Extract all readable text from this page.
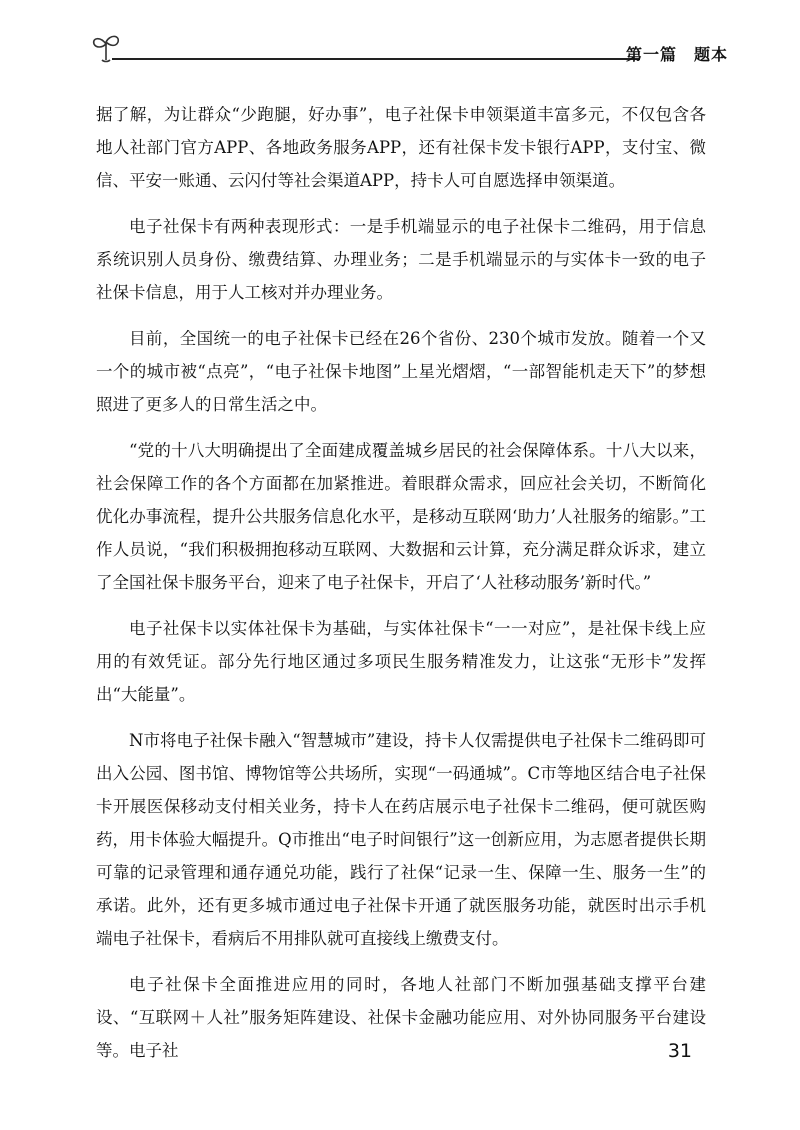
第一篇　题本

据了解，为让群众“少跑腿，好办事”，电子社保卡申领渠道丰富多元，不仅包含各地人社部门官方APP、各地政务服务APP，还有社保卡发卡银行APP，支付宝、微信、平安一账通、云闪付等社会渠道APP，持卡人可自愿选择申领渠道。

电子社保卡有两种表现形式：一是手机端显示的电子社保卡二维码，用于信息系统识别人员身份、缴费结算、办理业务；二是手机端显示的与实体卡一致的电子社保卡信息，用于人工核对并办理业务。

目前，全国统一的电子社保卡已经在26个省份、230个城市发放。随着一个又一个的城市被“点亮”，“电子社保卡地图”上星光熠熠，“一部智能机走天下”的梦想照进了更多人的日常生活之中。

“党的十八大明确提出了全面建成覆盖城乡居民的社会保障体系。十八大以来，社会保障工作的各个方面都在加紧推进。着眼群众需求，回应社会关切，不断简化优化办事流程，提升公共服务信息化水平，是移动互联网‘助力’人社服务的缩影。”工作人员说，“我们积极拥抱移动互联网、大数据和云计算，充分满足群众诉求，建立了全国社保卡服务平台，迎来了电子社保卡，开启了‘人社移动服务’新时代。”

电子社保卡以实体社保卡为基础，与实体社保卡“一一对应”，是社保卡线上应用的有效凭证。部分先行地区通过多项民生服务精准发力，让这张“无形卡”发挥出“大能量”。

N市将电子社保卡融入“智慧城市”建设，持卡人仅需提供电子社保卡二维码即可出入公园、图书馆、博物馆等公共场所，实现“一码通城”。C市等地区结合电子社保卡开展医保移动支付相关业务，持卡人在药店展示电子社保卡二维码，便可就医购药，用卡体验大幅提升。Q市推出“电子时间银行”这一创新应用，为志愿者提供长期可靠的记录管理和通存通兑功能，践行了社保“记录一生、保障一生、服务一生”的承诺。此外，还有更多城市通过电子社保卡开通了就医服务功能，就医时出示手机端电子社保卡，看病后不用排队就可直接线上缴费支付。

电子社保卡全面推进应用的同时，各地人社部门不断加强基础支撑平台建设、“互联网＋人社”服务矩阵建设、社保卡金融功能应用、对外协同服务平台建设等。电子社	31
